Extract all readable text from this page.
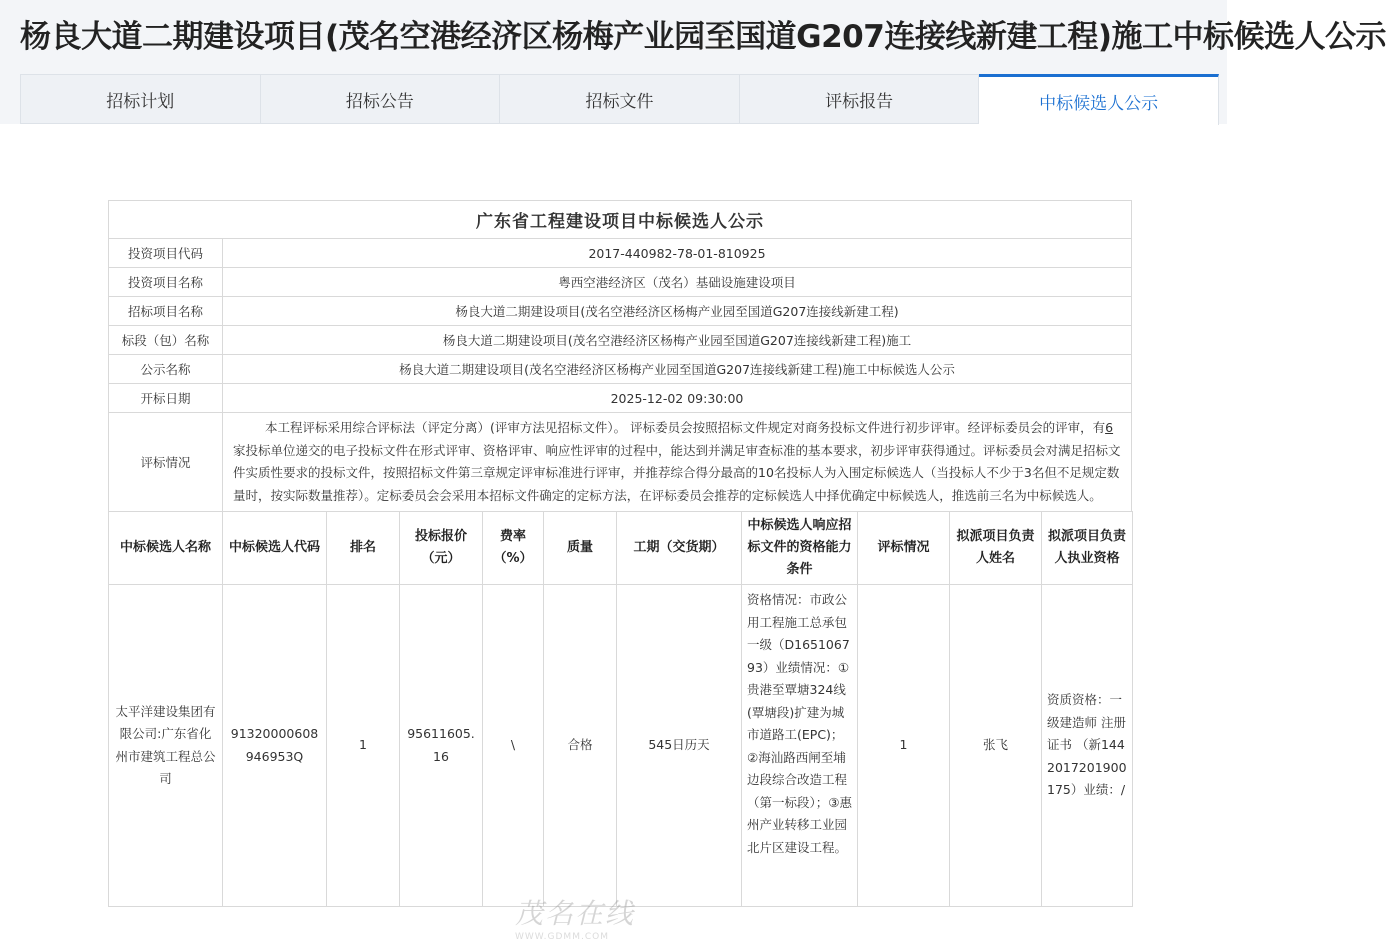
杨良大道二期建设项目(茂名空港经济区杨梅产业园至国道G207连接线新建工程)施工中标候选人公示
招标计划	招标公告	招标文件	评标报告	中标候选人公示
广东省工程建设项目中标候选人公示	
投资项目代码	2017-440982-78-01-810925
投资项目名称	粤西空港经济区（茂名）基础设施建设项目
招标项目名称	杨良大道二期建设项目(茂名空港经济区杨梅产业园至国道G207连接线新建工程)
标段（包）名称	杨良大道二期建设项目(茂名空港经济区杨梅产业园至国道G207连接线新建工程)施工
公示名称	杨良大道二期建设项目(茂名空港经济区杨梅产业园至国道G207连接线新建工程)施工中标候选人公示
开标日期	2025-12-02 09:30:00
评标情况	本工程评标采用综合评标法（评定分离）(评审方法见招标文件）。 评标委员会按照招标文件规定对商务投标文件进行初步评审。经评标委员会的评审，有6家投标单位递交的电子投标文件在形式评审、资格评审、响应性评审的过程中，能达到并满足审查标准的基本要求，初步评审获得通过。评标委员会对满足招标文件实质性要求的投标文件，按照招标文件第三章规定评审标准进行评审，并推荐综合得分最高的10名投标人为入围定标候选人（当投标人不少于3名但不足规定数量时，按实际数量推荐）。定标委员会会采用本招标文件确定的定标方法，在评标委员会推荐的定标候选人中择优确定中标候选人，推选前三名为中标候选人。
中标候选人名称	中标候选人代码	排名	投标报价（元）	费率（%）	质量	工期（交货期）	中标候选人响应招标文件的资格能力条件	评标情况	拟派项目负责人姓名	拟派项目负责人执业资格
太平洋建设集团有限公司:广东省化州市建筑工程总公司	91320000608946953Q	1	95611605.16	\	合格	545日历天	资格情况：市政公用工程施工总承包一级（D165106793）业绩情况：①贵港至覃塘324线(覃塘段)扩建为城市道路工(EPC)；②海汕路西闸至埔边段综合改造工程（第一标段）；③惠州产业转移工业园北片区建设工程。	1	张飞	资质资格：一级建造师 注册证书 （新1442017201900175）业绩：/
茂名在线
WWW.GDMM.COM
